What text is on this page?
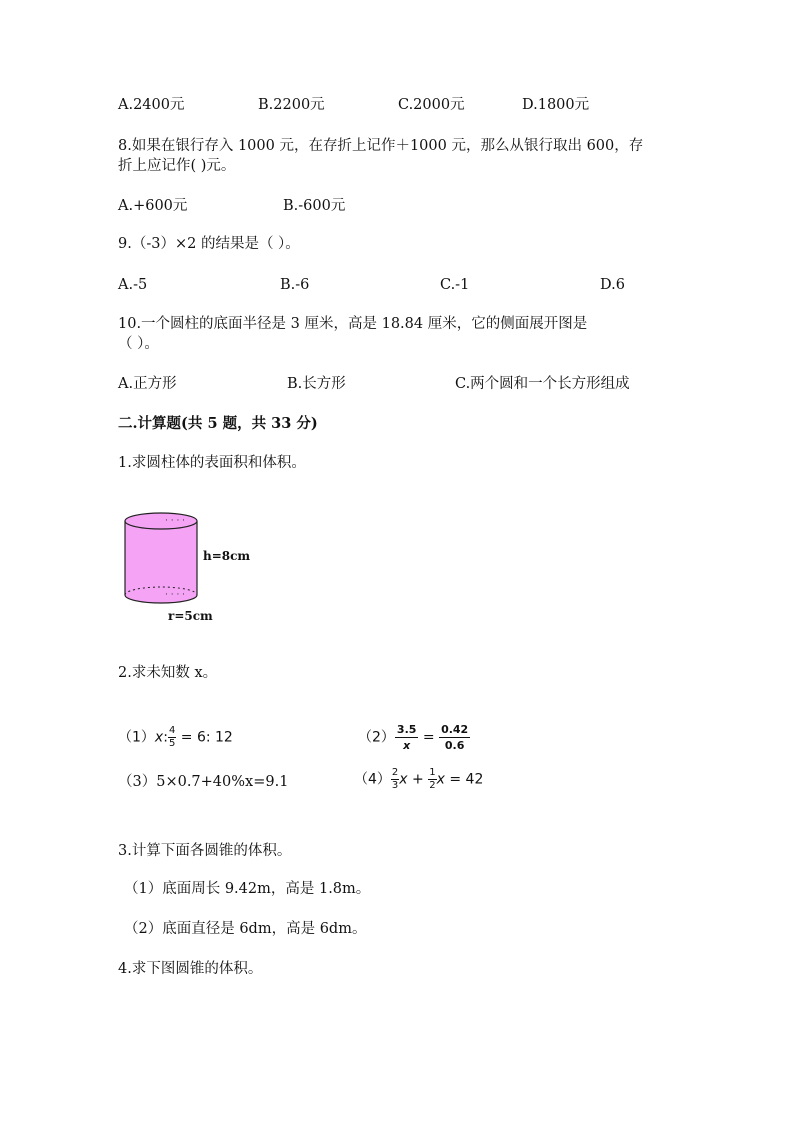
A.2400元	B.2200元	C.2000元	D.1800元
8.如果在银行存入 1000 元，在存折上记作＋1000 元，那么从银行取出 600，存
折上应记作( )元。
A.+600元	B.-600元
9.（-3）×2 的结果是（ ）。
A.-5	B.-6	C.-1	D.6
10.一个圆柱的底面半径是 3 厘米，高是 18.84 厘米，它的侧面展开图是
（ ）。
A.正方形	B.长方形	C.两个圆和一个长方形组成
二.计算题(共 5 题，共 33 分)
1.求圆柱体的表面积和体积。
· · · ·
· · · ·
h=8cm
r=5cm
2.求未知数 x。
（1）x: $\frac{4}{5} = 6$: 12	$(2) \frac{3.5}{x} = \frac{0.42}{0.6}$
（3）5×0.7+40%x=9.1	$(4) \frac{2}{3}$ $x + \frac{1}{2}$ x = 42
3.计算下面各圆锥的体积。
（1）底面周长 9.42m，高是 1.8m。
（2）底面直径是 6dm，高是 6dm。
4.求下图圆锥的体积。
